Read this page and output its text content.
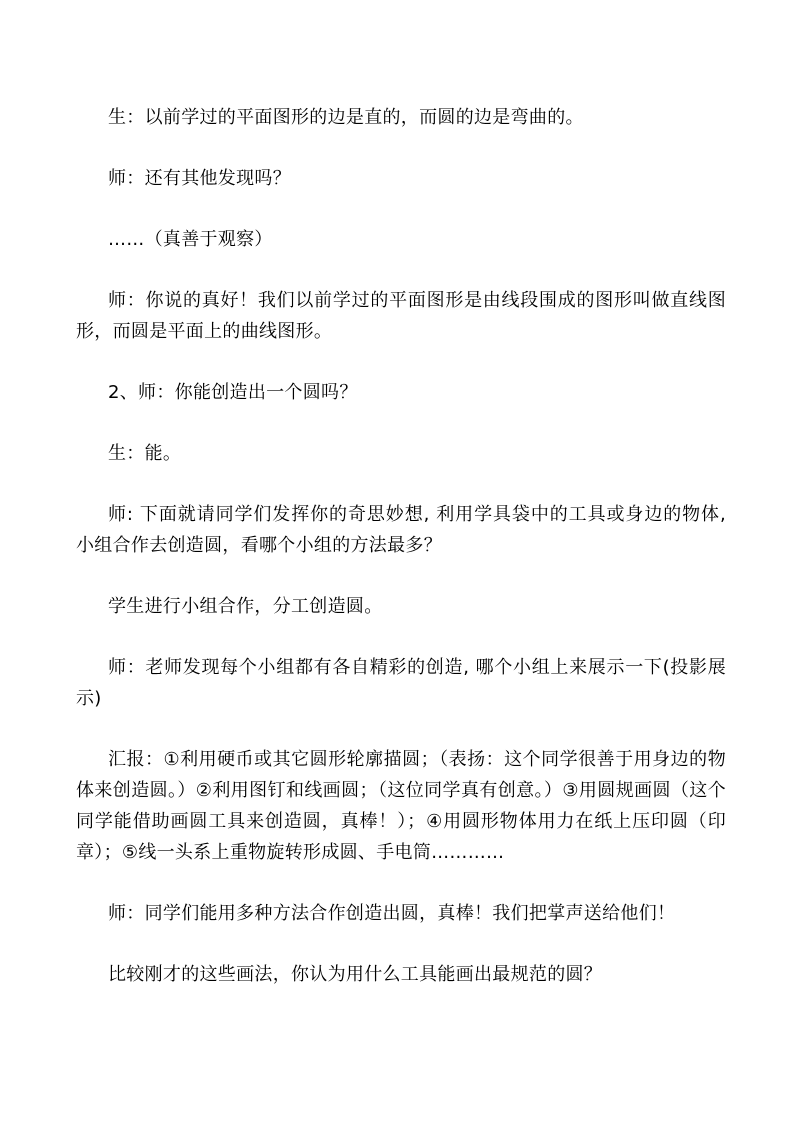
生：以前学过的平面图形的边是直的，而圆的边是弯曲的。

师：还有其他发现吗？

……（真善于观察）

师：你说的真好！我们以前学过的平面图形是由线段围成的图形叫做直线图形，而圆是平面上的曲线图形。

2、师：你能创造出一个圆吗？

生：能。

师: 下面就请同学们发挥你的奇思妙想, 利用学具袋中的工具或身边的物体, 小组合作去创造圆，看哪个小组的方法最多？

学生进行小组合作，分工创造圆。

师：老师发现每个小组都有各自精彩的创造, 哪个小组上来展示一下(投影展示)

汇报：①利用硬币或其它圆形轮廓描圆；（表扬：这个同学很善于用身边的物体来创造圆。）②利用图钉和线画圆；（这位同学真有创意。）③用圆规画圆（这个同学能借助画圆工具来创造圆，真棒！）；④用圆形物体用力在纸上压印圆（印章）；⑤线一头系上重物旋转形成圆、手电筒…………

师：同学们能用多种方法合作创造出圆，真棒！我们把掌声送给他们！

比较刚才的这些画法，你认为用什么工具能画出最规范的圆？
